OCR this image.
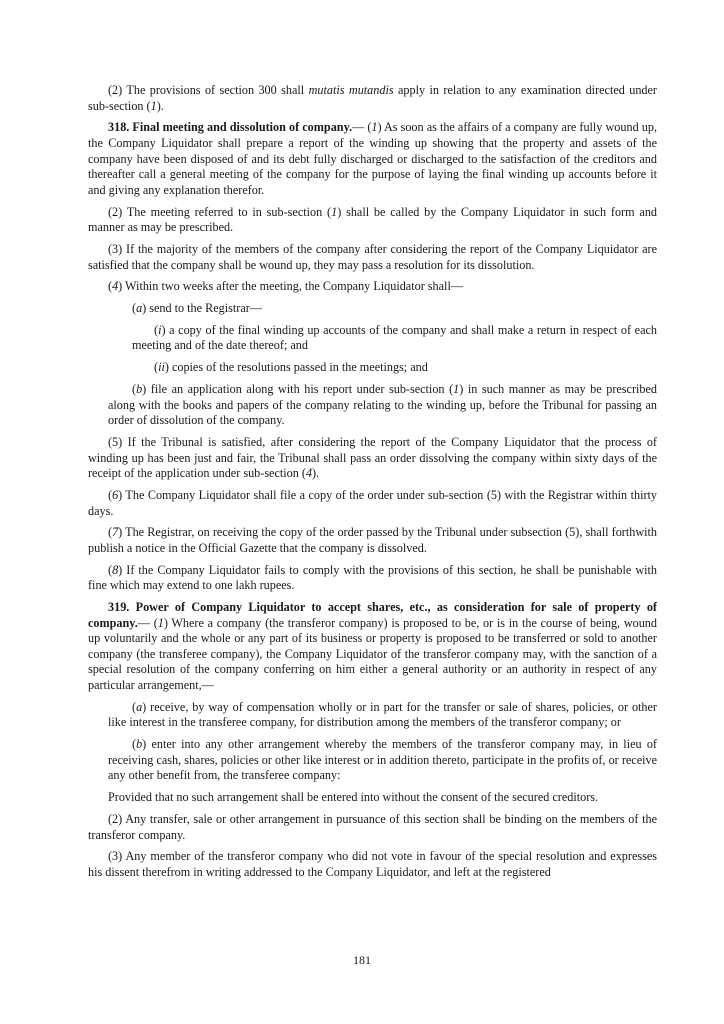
(2) The provisions of section 300 shall mutatis mutandis apply in relation to any examination directed under sub-section (1).

318. Final meeting and dissolution of company.— (1) As soon as the affairs of a company are fully wound up, the Company Liquidator shall prepare a report of the winding up showing that the property and assets of the company have been disposed of and its debt fully discharged or discharged to the satisfaction of the creditors and thereafter call a general meeting of the company for the purpose of laying the final winding up accounts before it and giving any explanation therefor.

(2) The meeting referred to in sub-section (1) shall be called by the Company Liquidator in such form and manner as may be prescribed.

(3) If the majority of the members of the company after considering the report of the Company Liquidator are satisfied that the company shall be wound up, they may pass a resolution for its dissolution.

(4) Within two weeks after the meeting, the Company Liquidator shall—

(a) send to the Registrar—

(i) a copy of the final winding up accounts of the company and shall make a return in respect of each meeting and of the date thereof; and

(ii) copies of the resolutions passed in the meetings; and

(b) file an application along with his report under sub-section (1) in such manner as may be prescribed along with the books and papers of the company relating to the winding up, before the Tribunal for passing an order of dissolution of the company.

(5) If the Tribunal is satisfied, after considering the report of the Company Liquidator that the process of winding up has been just and fair, the Tribunal shall pass an order dissolving the company within sixty days of the receipt of the application under sub-section (4).

(6) The Company Liquidator shall file a copy of the order under sub-section (5) with the Registrar within thirty days.

(7) The Registrar, on receiving the copy of the order passed by the Tribunal under subsection (5), shall forthwith publish a notice in the Official Gazette that the company is dissolved.

(8) If the Company Liquidator fails to comply with the provisions of this section, he shall be punishable with fine which may extend to one lakh rupees.

319. Power of Company Liquidator to accept shares, etc., as consideration for sale of property of company.— (1) Where a company (the transferor company) is proposed to be, or is in the course of being, wound up voluntarily and the whole or any part of its business or property is proposed to be transferred or sold to another company (the transferee company), the Company Liquidator of the transferor company may, with the sanction of a special resolution of the company conferring on him either a general authority or an authority in respect of any particular arrangement,—

(a) receive, by way of compensation wholly or in part for the transfer or sale of shares, policies, or other like interest in the transferee company, for distribution among the members of the transferor company; or

(b) enter into any other arrangement whereby the members of the transferor company may, in lieu of receiving cash, shares, policies or other like interest or in addition thereto, participate in the profits of, or receive any other benefit from, the transferee company:

Provided that no such arrangement shall be entered into without the consent of the secured creditors.

(2) Any transfer, sale or other arrangement in pursuance of this section shall be binding on the members of the transferor company.

(3) Any member of the transferor company who did not vote in favour of the special resolution and expresses his dissent therefrom in writing addressed to the Company Liquidator, and left at the registered

181
